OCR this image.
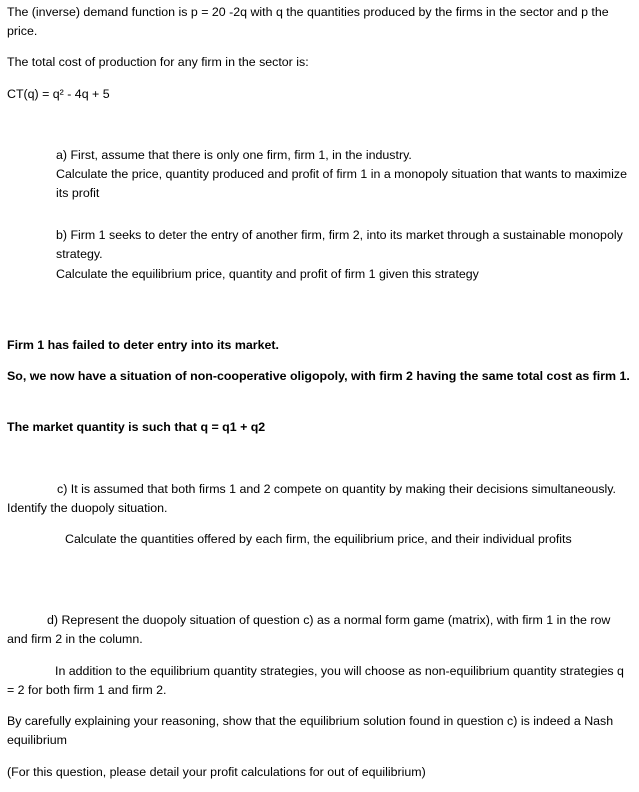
The (inverse) demand function is p = 20 -2q with q the quantities produced by the firms in the sector and p the price.

The total cost of production for any firm in the sector is:

CT(q) = q² - 4q + 5

a) First, assume that there is only one firm, firm 1, in the industry.

Calculate the price, quantity produced and profit of firm 1 in a monopoly situation that wants to maximize its profit

b) Firm 1 seeks to deter the entry of another firm, firm 2, into its market through a sustainable monopoly strategy.

Calculate the equilibrium price, quantity and profit of firm 1 given this strategy

Firm 1 has failed to deter entry into its market.

So, we now have a situation of non-cooperative oligopoly, with firm 2 having the same total cost as firm 1.

The market quantity is such that q = q1 + q2

c) It is assumed that both firms 1 and 2 compete on quantity by making their decisions simultaneously. Identify the duopoly situation.

Calculate the quantities offered by each firm, the equilibrium price, and their individual profits

d) Represent the duopoly situation of question c) as a normal form game (matrix), with firm 1 in the row and firm 2 in the column.

In addition to the equilibrium quantity strategies, you will choose as non-equilibrium quantity strategies q = 2 for both firm 1 and firm 2.

By carefully explaining your reasoning, show that the equilibrium solution found in question c) is indeed a Nash equilibrium

(For this question, please detail your profit calculations for out of equilibrium)
